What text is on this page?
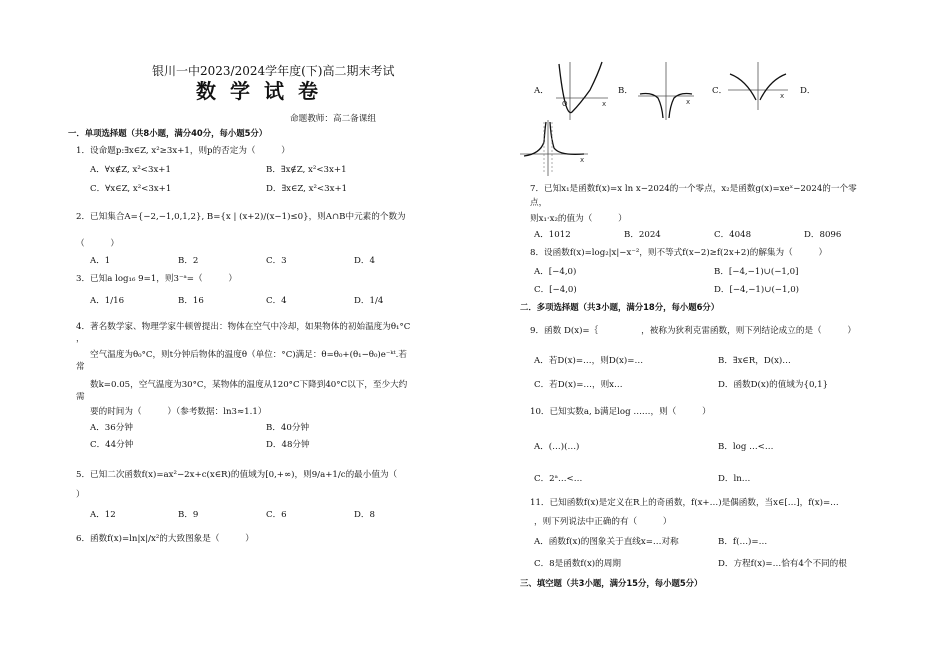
银川一中2023/2024学年度(下)高二期末考试
数学试卷
命题教师：高二备课组
一．单项选择题（共8小题，满分40分，每小题5分）
1．设命题p:∃x∈Z, x²≥3x+1，则p的否定为（　　　）
A．∀x∉Z, x²<3x+1	B．∃x∉Z, x²<3x+1
C．∀x∈Z, x²<3x+1	D．∃x∈Z, x²<3x+1
2．已知集合A={−2,−1,0,1,2}, B={x | (x+2)/(x−1)≤0}，则A∩B中元素的个数为
（　　　）
A．1	B．2	C．3	D．4
3．已知a log₁₆ 9=1，则3⁻ᵃ=（　　　）
A．1/16	B．16	C．4	D．1/4
4．著名数学家、物理学家牛顿曾提出：物体在空气中冷却，如果物体的初始温度为θ₁°C
，
空气温度为θ₀°C，则t分钟后物体的温度θ（单位：°C)满足：θ=θ₀+(θ₁−θ₀)e⁻ᵏᵗ.若
常
数k=0.05，空气温度为30°C，某物体的温度从120°C下降到40°C以下，至少大约
需
要的时间为（　　　）（参考数据：ln3≈1.1）
A．36分钟	B．40分钟
C．44分钟	D．48分钟
5．已知二次函数f(x)=ax²−2x+c(x∈R)的值域为[0,+∞)，则9/a+1/c的最小值为（
）
A．12	B．9	C．6	D．8
6．函数f(x)=ln|x|/x²的大致图象是（　　　）
A．	B．	C．	D．
x
O	x
x
x
7．已知x₁是函数f(x)=x ln x−2024的一个零点，x₂是函数g(x)=xeˣ−2024的一个零
点，
则x₁·x₂的值为（　　　）
A．1012	B．2024	C．4048	D．8096
8．设函数f(x)=log₂|x|−x⁻²，则不等式f(x−2)≥f(2x+2)的解集为（　　　）
A．[−4,0)	B．[−4,−1)∪(−1,0]
C．[−4,0)	D．[−4,−1)∪(−1,0)
二．多项选择题（共3小题，满分18分，每小题6分）
9．函数 D(x)=｛　　　　　，被称为狄利克雷函数，则下列结论成立的是（　　　）
A．若D(x)=…，则D(x)=…	B．∃x∈R，D(x)…
C．若D(x)=…，则x…	D．函数D(x)的值域为{0,1}
10．已知实数a, b满足log ……，则（　　　）
A．(…)(…)	B．log …<…
C．2ᵃ…<…	D．ln…
11．已知函数f(x)是定义在R上的奇函数，f(x+…)是偶函数，当x∈[…]，f(x)=…
，则下列说法中正确的有（　　　）
A．函数f(x)的图象关于直线x=…对称	B．f(…)=…
C．8是函数f(x)的周期	D．方程f(x)=…恰有4个不同的根
三、填空题（共3小题，满分15分，每小题5分）
